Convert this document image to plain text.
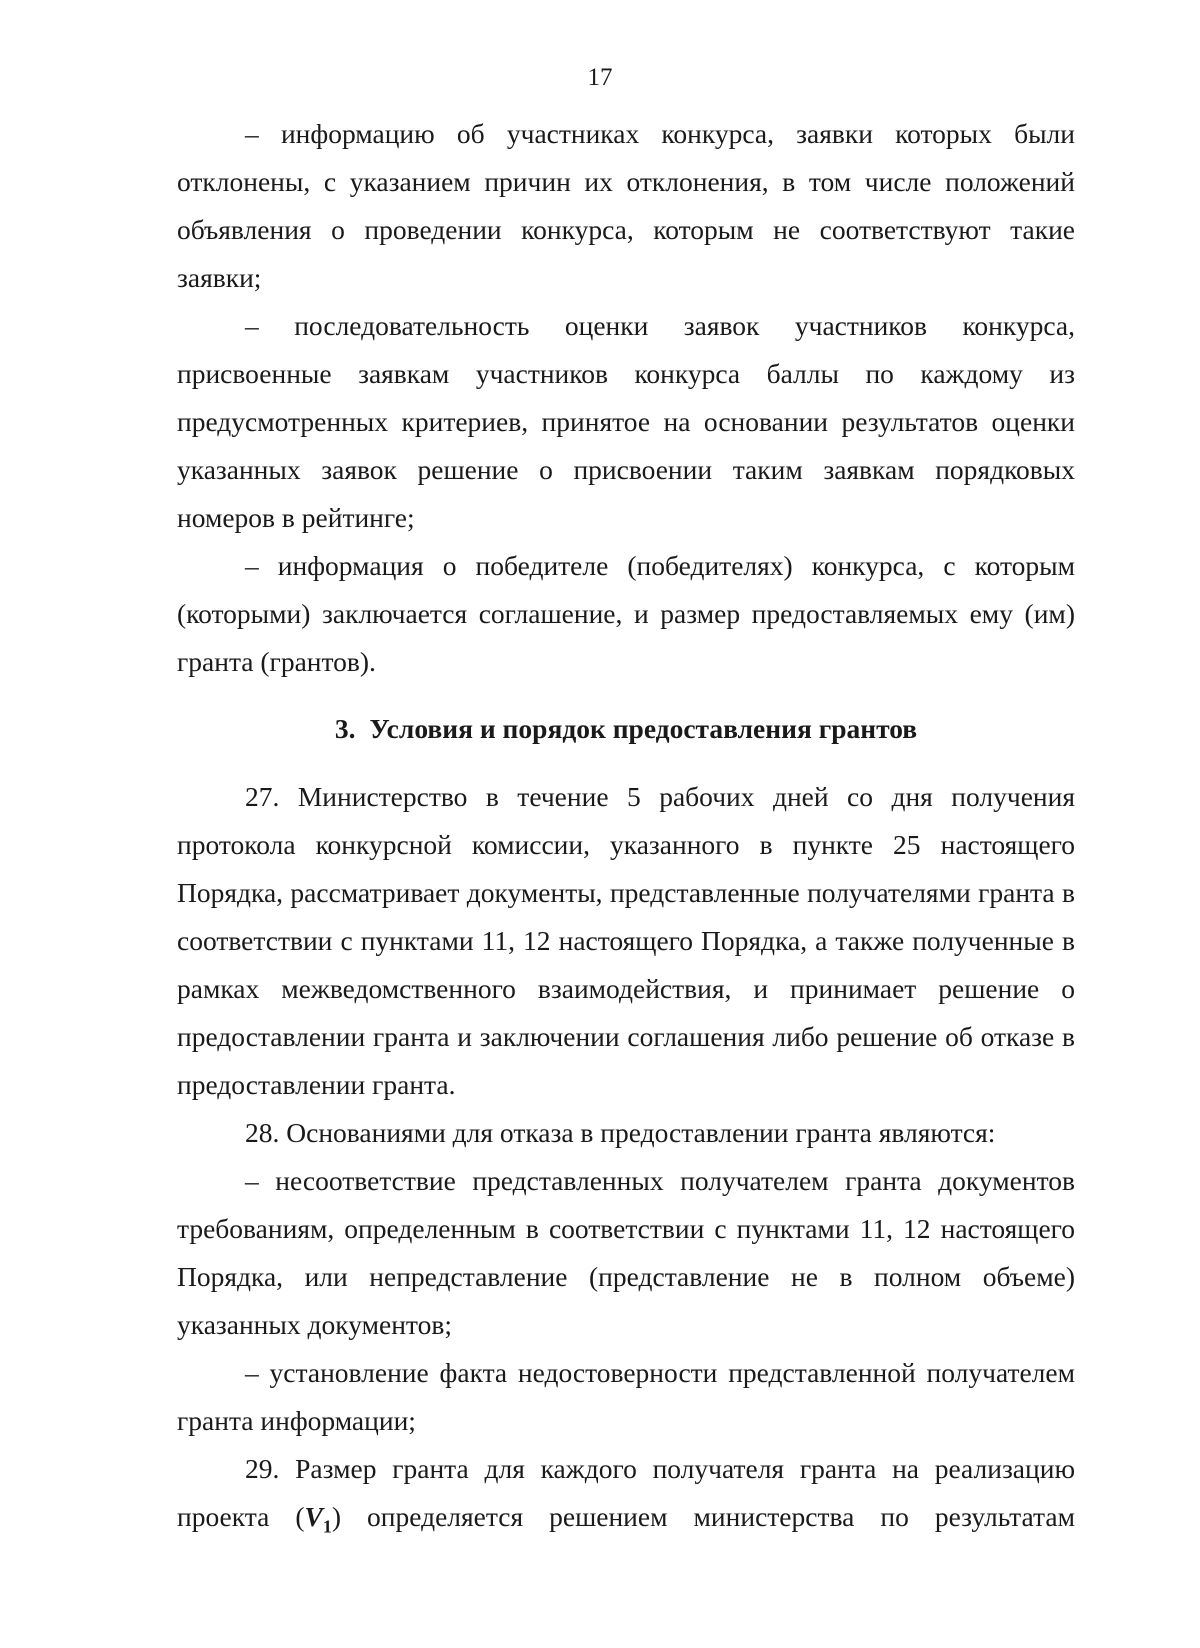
17

– информацию об участниках конкурса, заявки которых были отклонены, с указанием причин их отклонения, в том числе положений объявления о проведении конкурса, которым не соответствуют такие заявки;

– последовательность оценки заявок участников конкурса, присвоенные заявкам участников конкурса баллы по каждому из предусмотренных критериев, принятое на основании результатов оценки указанных заявок решение о присвоении таким заявкам порядковых номеров в рейтинге;

– информация о победителе (победителях) конкурса, с которым (которыми) заключается соглашение, и размер предоставляемых ему (им) гранта (грантов).

3. Условия и порядок предоставления грантов

27. Министерство в течение 5 рабочих дней со дня получения протокола конкурсной комиссии, указанного в пункте 25 настоящего Порядка, рассматривает документы, представленные получателями гранта в соответствии с пунктами 11, 12 настоящего Порядка, а также полученные в рамках межведомственного взаимодействия, и принимает решение о предоставлении гранта и заключении соглашения либо решение об отказе в предоставлении гранта.

28. Основаниями для отказа в предоставлении гранта являются:

– несоответствие представленных получателем гранта документов требованиям, определенным в соответствии с пунктами 11, 12 настоящего Порядка, или непредставление (представление не в полном объеме) указанных документов;

– установление факта недостоверности представленной получателем гранта информации;

29. Размер гранта для каждого получателя гранта на реализацию проекта $(V_1)$ определяется решением министерства по результатам
